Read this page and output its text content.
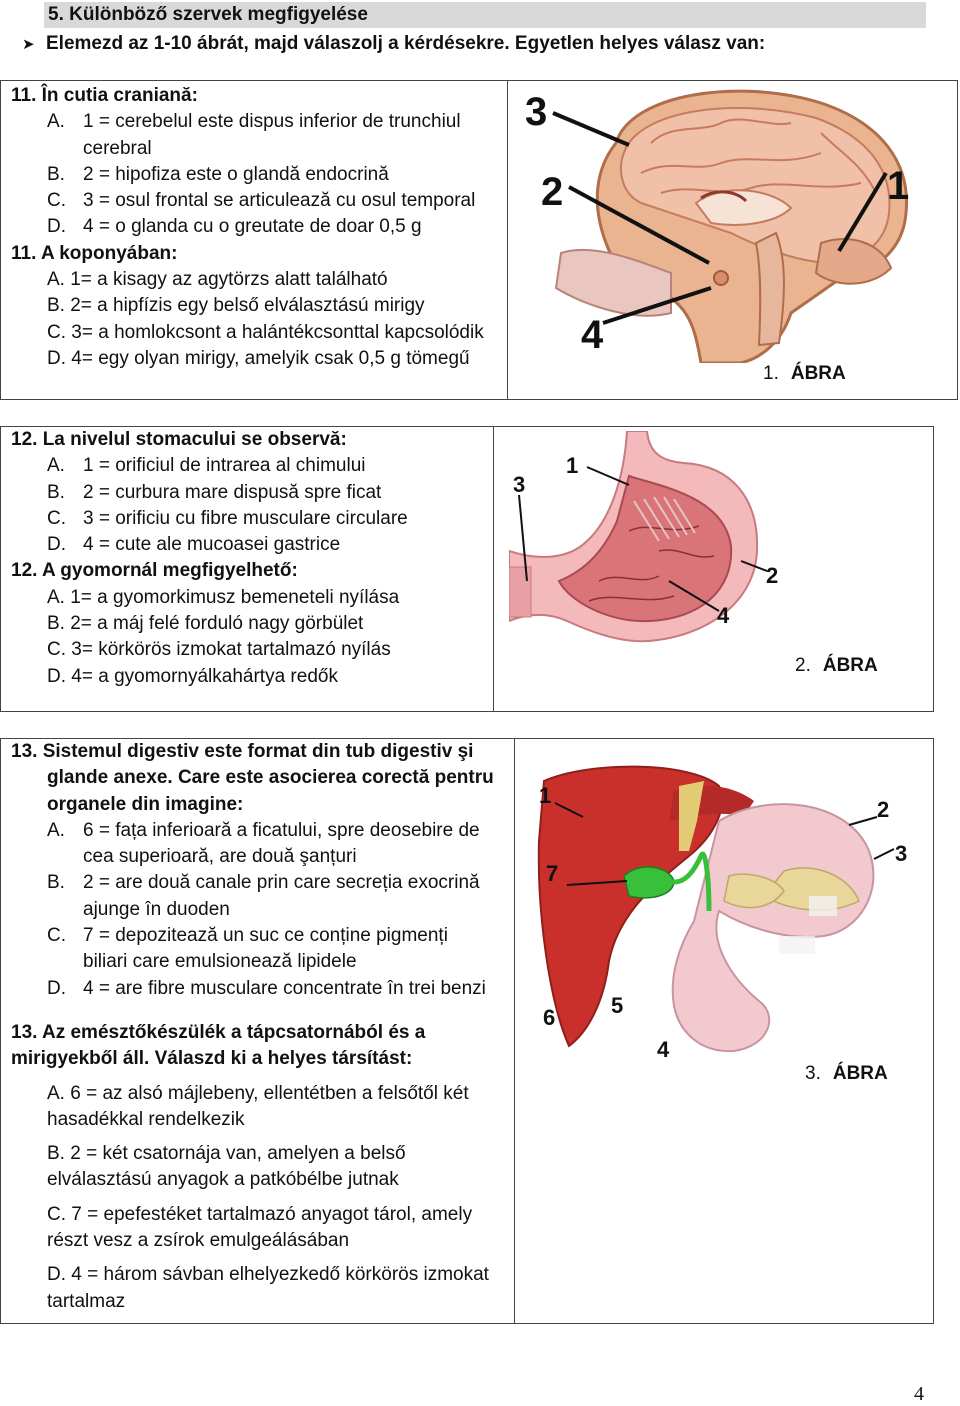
5. Különböző szervek megfigyelése
➤ Elemezd az 1-10 ábrát, majd válaszolj a kérdésekre. Egyetlen helyes válasz van:
11. În cutia craniană:
A. 1 = cerebelul este dispus inferior de trunchiul
cerebral
B. 2 = hipofiza este o glandă endocrină
C. 3 = osul frontal se articulează cu osul temporal
D. 4 = o glanda cu o greutate de doar 0,5 g
11. A koponyában:
A. 1= a kisagy az agytörzs alatt található
B. 2= a hipfízis egy belső elválasztású mirigy
C. 3= a homlokcsont a halántékcsonttal kapcsolódik
D. 4= egy olyan mirigy, amelyik csak 0,5 g tömegű
3
2	1
4
1. ÁBRA
12. La nivelul stomacului se observă:
A. 1 = orificiul de intrarea al chimului
B. 2 = curbura mare dispusă spre ficat
C. 3 = orificiu cu fibre musculare circulare
D. 4 = cute ale mucoasei gastrice
12. A gyomornál megfigyelhető:
A. 1= a gyomorkimusz bemeneteli nyílása
B. 2= a máj felé forduló nagy görbület
C. 3= körkörös izmokat tartalmazó nyílás
D. 4= a gyomornyálkahártya redők
3
1
2
4
2. ÁBRA
13. Sistemul digestiv este format din tub digestiv şi
glande anexe. Care este asocierea corectă pentru
organele din imagine:
A. 6 = fața inferioară a ficatului, spre deosebire de
cea superioară, are două şanțuri
B. 2 = are două canale prin care secreția exocrină
ajunge în duoden
C. 7 = depozitează un suc ce conține pigmenți
biliari care emulsionează lipidele
D. 4 = are fibre musculare concentrate în trei benzi
13. Az emésztőkészülék a tápcsatornából és a
mirigyekből áll. Válaszd ki a helyes társítást:
A. 6 = az alsó májlebeny, ellentétben a felsőtől két
hasadékkal rendelkezik
B. 2 = két csatornája van, amelyen a belső
elválasztású anyagok a patkóbélbe jutnak
C. 7 = epefestéket tartalmazó anyagot tárol, amely
részt vesz a zsírok emulgeálásában
D. 4 = három sávban elhelyezkedő körkörös izmokat
tartalmaz
1
2
3
7
6	5
4
3. ÁBRA
4
